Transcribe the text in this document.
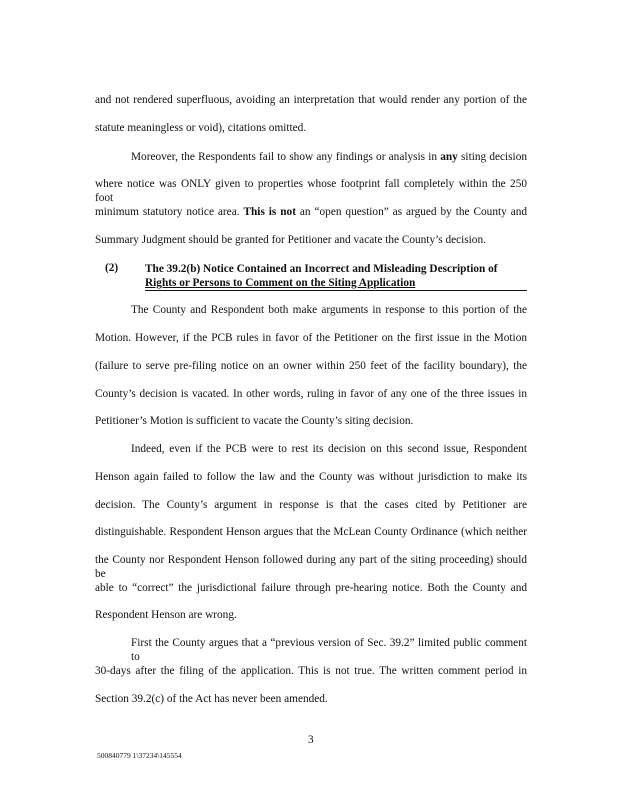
(2) The 39.2(b) Notice Contained an Incorrect and Misleading Description of
Rights or Persons to Comment on the Siting Application
3
500840779 1\37234\145554
and not rendered superfluous, avoiding an interpretation that would render any portion of the
statute meaningless or void), citations omitted.
Moreover, the Respondents fail to show any findings or analysis in any siting decision
where notice was ONLY given to properties whose footprint fall completely within the 250 foot
minimum statutory notice area. This is not an “open question” as argued by the County and
Summary Judgment should be granted for Petitioner and vacate the County’s decision.
The County and Respondent both make arguments in response to this portion of the
Motion. However, if the PCB rules in favor of the Petitioner on the first issue in the Motion
(failure to serve pre-filing notice on an owner within 250 feet of the facility boundary), the
County’s decision is vacated. In other words, ruling in favor of any one of the three issues in
Petitioner’s Motion is sufficient to vacate the County’s siting decision.
Indeed, even if the PCB were to rest its decision on this second issue, Respondent
Henson again failed to follow the law and the County was without jurisdiction to make its
decision. The County’s argument in response is that the cases cited by Petitioner are
distinguishable. Respondent Henson argues that the McLean County Ordinance (which neither
the County nor Respondent Henson followed during any part of the siting proceeding) should be
able to “correct” the jurisdictional failure through pre-hearing notice. Both the County and
Respondent Henson are wrong.
First the County argues that a “previous version of Sec. 39.2” limited public comment to
30-days after the filing of the application. This is not true. The written comment period in
Section 39.2(c) of the Act has never been amended.
